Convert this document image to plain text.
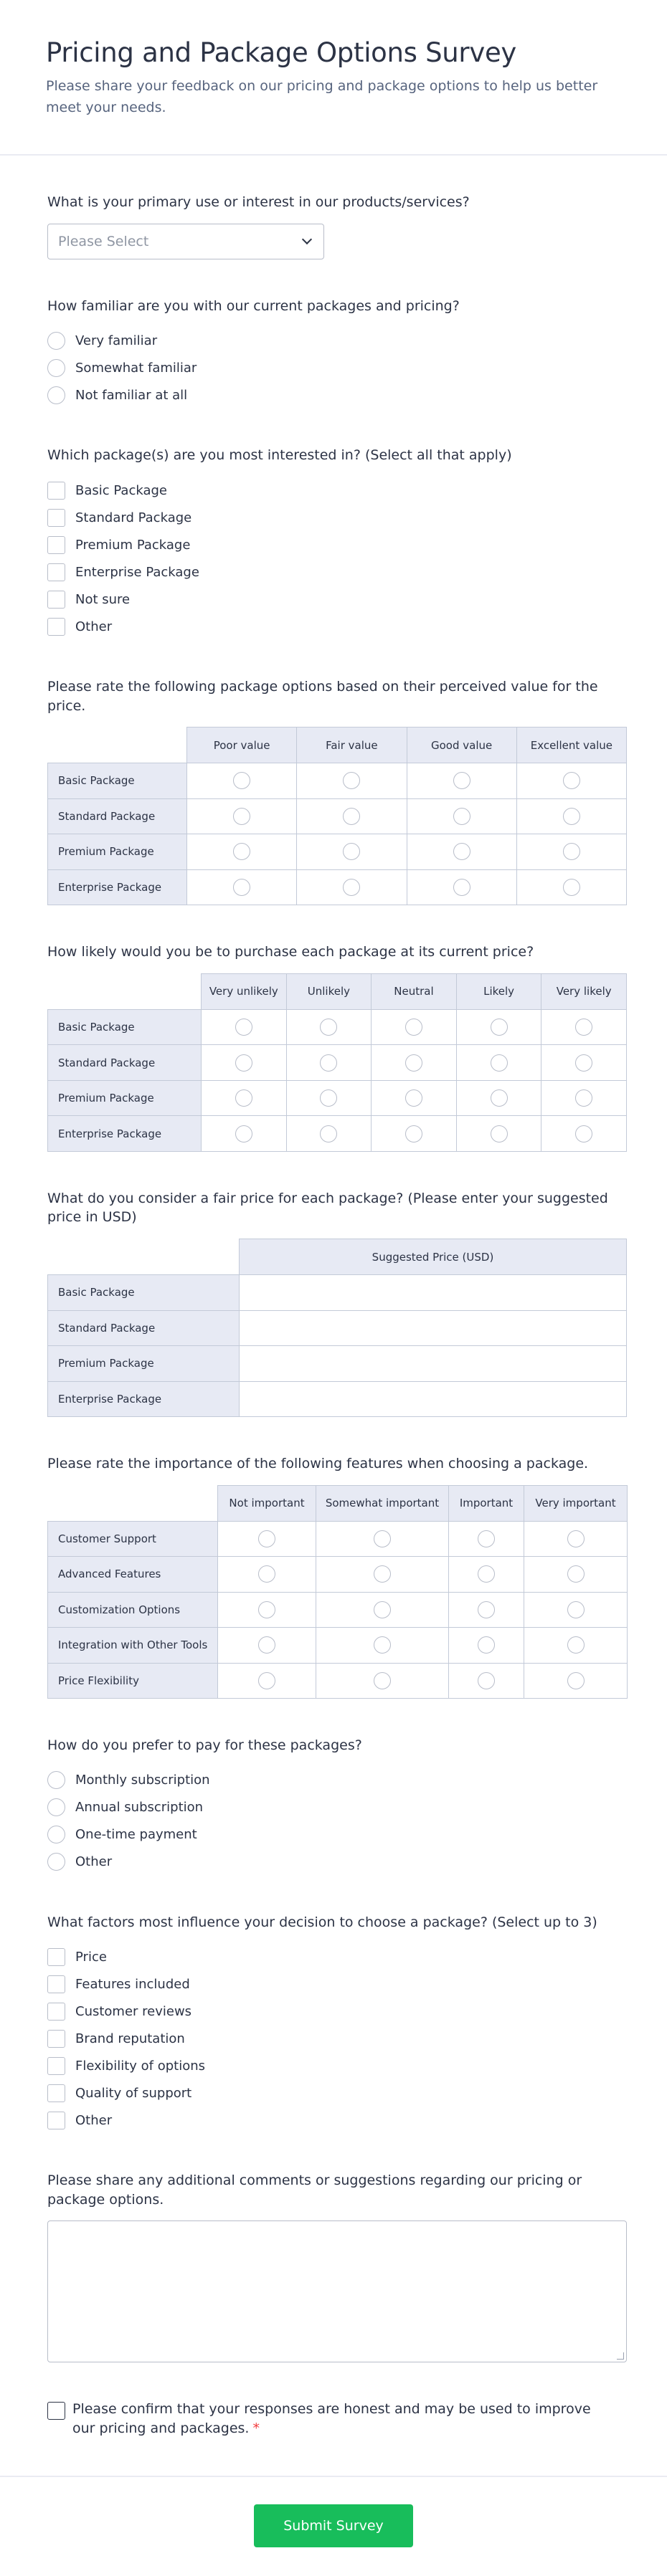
Pricing and Package Options Survey

Please share your feedback on our pricing and package options to help us better meet your needs.

What is your primary use or interest in our products/services?
Please Select
How familiar are you with our current packages and pricing?
Very familiar
Somewhat familiar
Not familiar at all
Which package(s) are you most interested in? (Select all that apply)
Basic Package
Standard Package
Premium Package
Enterprise Package
Not sure
Other
Please rate the following package options based on their perceived value for the price.
	Poor value	Fair value	Good value	Excellent value
Basic Package				
Standard Package				
Premium Package				
Enterprise Package				
How likely would you be to purchase each package at its current price?
	Very unlikely	Unlikely	Neutral	Likely	Very likely
Basic Package					
Standard Package					
Premium Package					
Enterprise Package					
What do you consider a fair price for each package? (Please enter your suggested price in USD)
	Suggested Price (USD)
Basic Package	
Standard Package	
Premium Package	
Enterprise Package	
Please rate the importance of the following features when choosing a package.
	Not important	Somewhat important	Important	Very important
Customer Support				
Advanced Features				
Customization Options				
Integration with Other Tools				
Price Flexibility				
How do you prefer to pay for these packages?
Monthly subscription
Annual subscription
One-time payment
Other
What factors most influence your decision to choose a package? (Select up to 3)
Price
Features included
Customer reviews
Brand reputation
Flexibility of options
Quality of support
Other
Please share any additional comments or suggestions regarding our pricing or package options.
Please confirm that your responses are honest and may be used to improve our pricing and packages. *
Submit Survey
